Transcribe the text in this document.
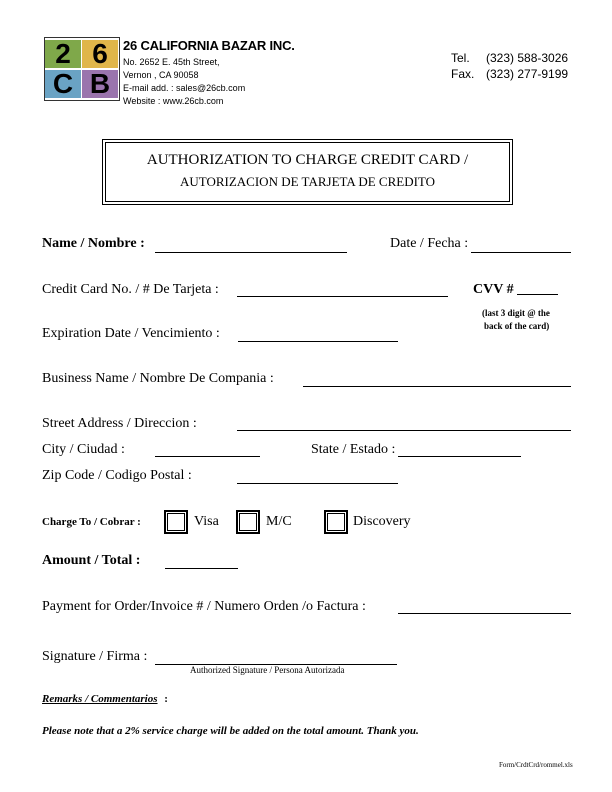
2 6
C B
26 CALIFORNIA BAZAR INC.
No. 2652 E. 45th Street,
Vernon , CA 90058
E-mail add. : sales@26cb.com
Website : www.26cb.com
Tel. (323) 588-3026
Fax. (323) 277-9199
AUTHORIZATION TO CHARGE CREDIT CARD /
AUTORIZACION DE TARJETA DE CREDITO
Name / Nombre :	Date / Fecha :
Credit Card No. / # De Tarjeta :	CVV #
(last 3 digit @ the
back of the card)
Expiration Date / Vencimiento :
Business Name / Nombre De Compania :
Street Address / Direccion :
City / Ciudad :	State / Estado :
Zip Code / Codigo Postal :
Charge To / Cobrar :	Visa	M/C	Discovery
Amount / Total :
Payment for Order/Invoice # / Numero Orden /o Factura :
Signature / Firma :
Authorized Signature / Persona Autorizada
Remarks / Commentarios :
Please note that a 2% service charge will be added on the total amount. Thank you.
Form/CrdtCrd/rommel.xls
